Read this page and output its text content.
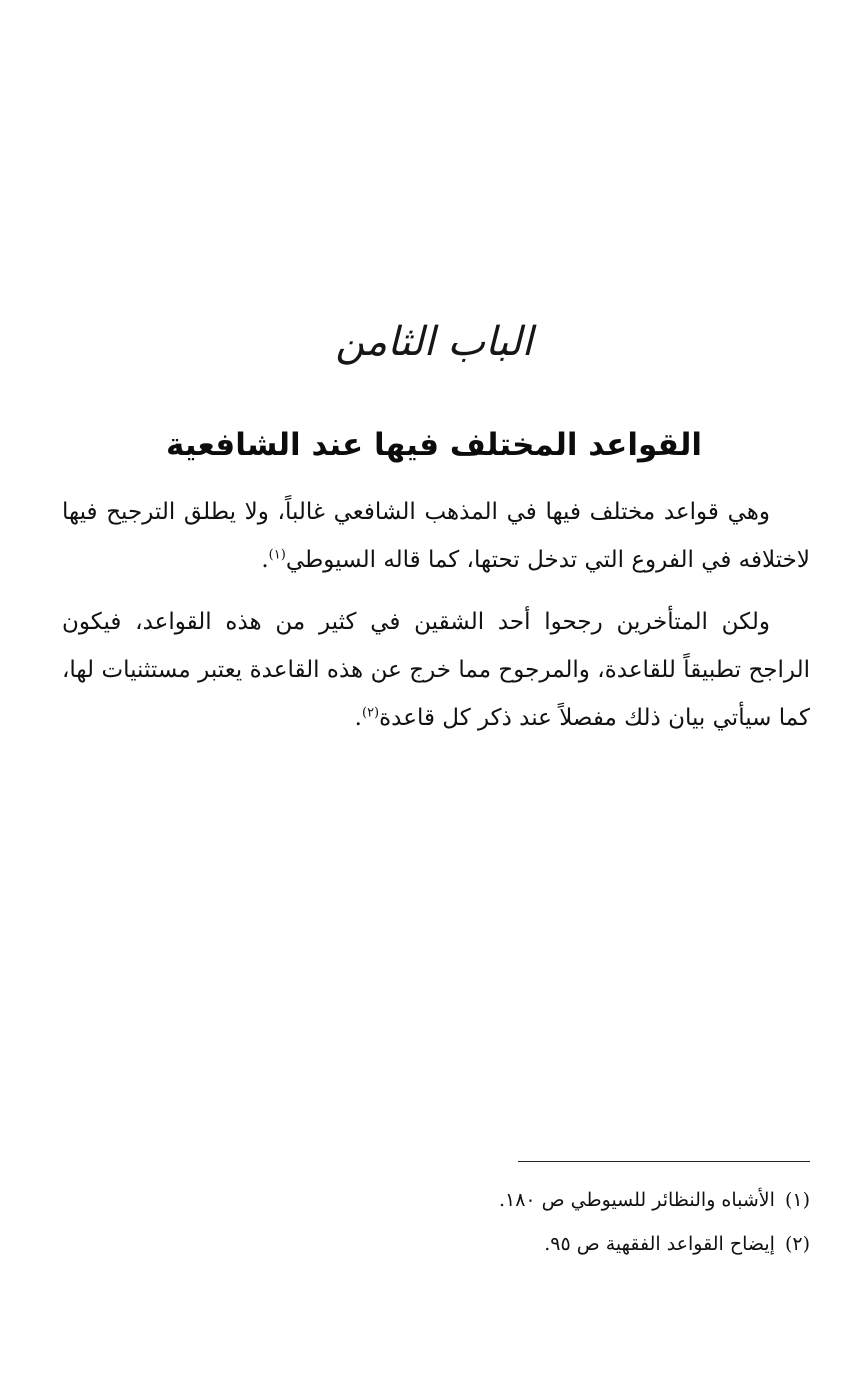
الباب الثامن
القواعد المختلف فيها عند الشافعية

وهي قواعد مختلف فيها في المذهب الشافعي غالباً، ولا يطلق الترجيح فيها لاختلافه في الفروع التي تدخل تحتها، كما قاله السيوطي$^{(١)}$.

ولكن المتأخرين رجحوا أحد الشقين في كثير من هذه القواعد، فيكون الراجح تطبيقاً للقاعدة، والمرجوح مما خرج عن هذه القاعدة يعتبر مستثنيات لها، كما سيأتي بيان ذلك مفصلاً عند ذكر كل قاعدة$^{(٢)}$.

(١)الأشباه والنظائر للسيوطي ص ١٨٠.
(٢)إيضاح القواعد الفقهية ص ٩٥.
